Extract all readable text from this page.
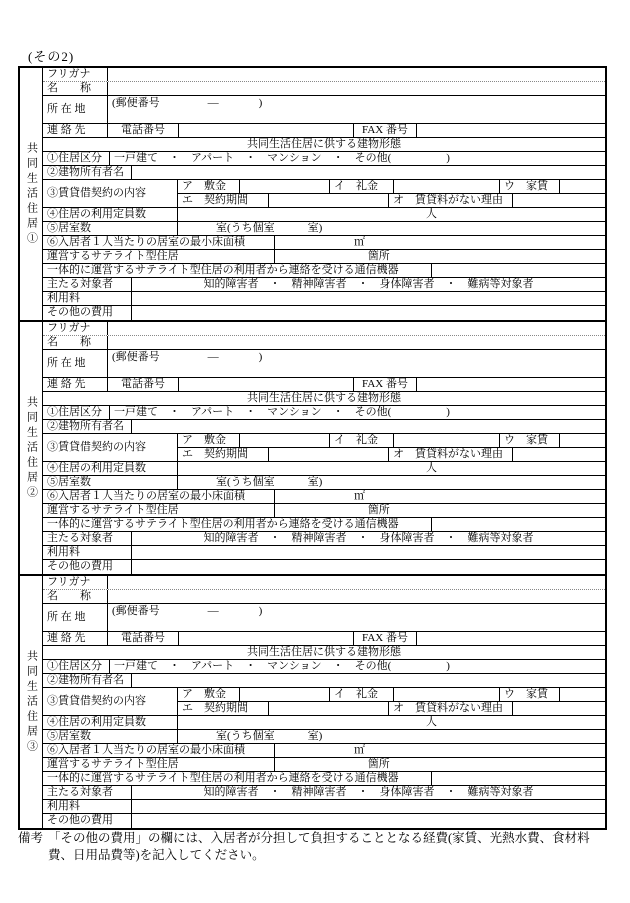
(その2)
共同生活住居①
フリガナ
名　　称
所 在 地
(郵便番号	―	)
連 絡 先	電話番号	FAX 番号
共同生活住居に供する建物形態
①住居区分	一戸建て　・　アパート　・　マンション　・　その他(　　　　　)
②建物所有者名
③賃貸借契約の内容
ア　敷金	イ　礼金	ウ　家賃
エ　契約期間	オ　賃貸料がない理由
④住居の利用定員数	人
⑤居室数	室(うち個室　　　室)
⑥入居者１人当たりの居室の最小床面積	㎡
運営するサテライト型住居	箇所
一体的に運営するサテライト型住居の利用者から連絡を受ける通信機器
主たる対象者	知的障害者　・　精神障害者　・　身体障害者　・　難病等対象者
利用料
その他の費用
共同生活住居②
フリガナ
名　　称
所 在 地
(郵便番号	―	)
連 絡 先	電話番号	FAX 番号
共同生活住居に供する建物形態
①住居区分	一戸建て　・　アパート　・　マンション　・　その他(　　　　　)
②建物所有者名
③賃貸借契約の内容
ア　敷金	イ　礼金	ウ　家賃
エ　契約期間	オ　賃貸料がない理由
④住居の利用定員数	人
⑤居室数	室(うち個室　　　室)
⑥入居者１人当たりの居室の最小床面積	㎡
運営するサテライト型住居	箇所
一体的に運営するサテライト型住居の利用者から連絡を受ける通信機器
主たる対象者	知的障害者　・　精神障害者　・　身体障害者　・　難病等対象者
利用料
その他の費用
共同生活住居③
フリガナ
名　　称
所 在 地
(郵便番号	―	)
連 絡 先	電話番号	FAX 番号
共同生活住居に供する建物形態
①住居区分	一戸建て　・　アパート　・　マンション　・　その他(　　　　　)
②建物所有者名
③賃貸借契約の内容
ア　敷金	イ　礼金	ウ　家賃
エ　契約期間	オ　賃貸料がない理由
④住居の利用定員数	人
⑤居室数	室(うち個室　　　室)
⑥入居者１人当たりの居室の最小床面積	㎡
運営するサテライト型住居	箇所
一体的に運営するサテライト型住居の利用者から連絡を受ける通信機器
主たる対象者	知的障害者　・　精神障害者　・　身体障害者　・　難病等対象者
利用料
その他の費用
備考 「その他の費用」の欄には、入居者が分担して負担することとなる経費(家賃、光熱水費、食材料費、日用品費等)を記入してください。
